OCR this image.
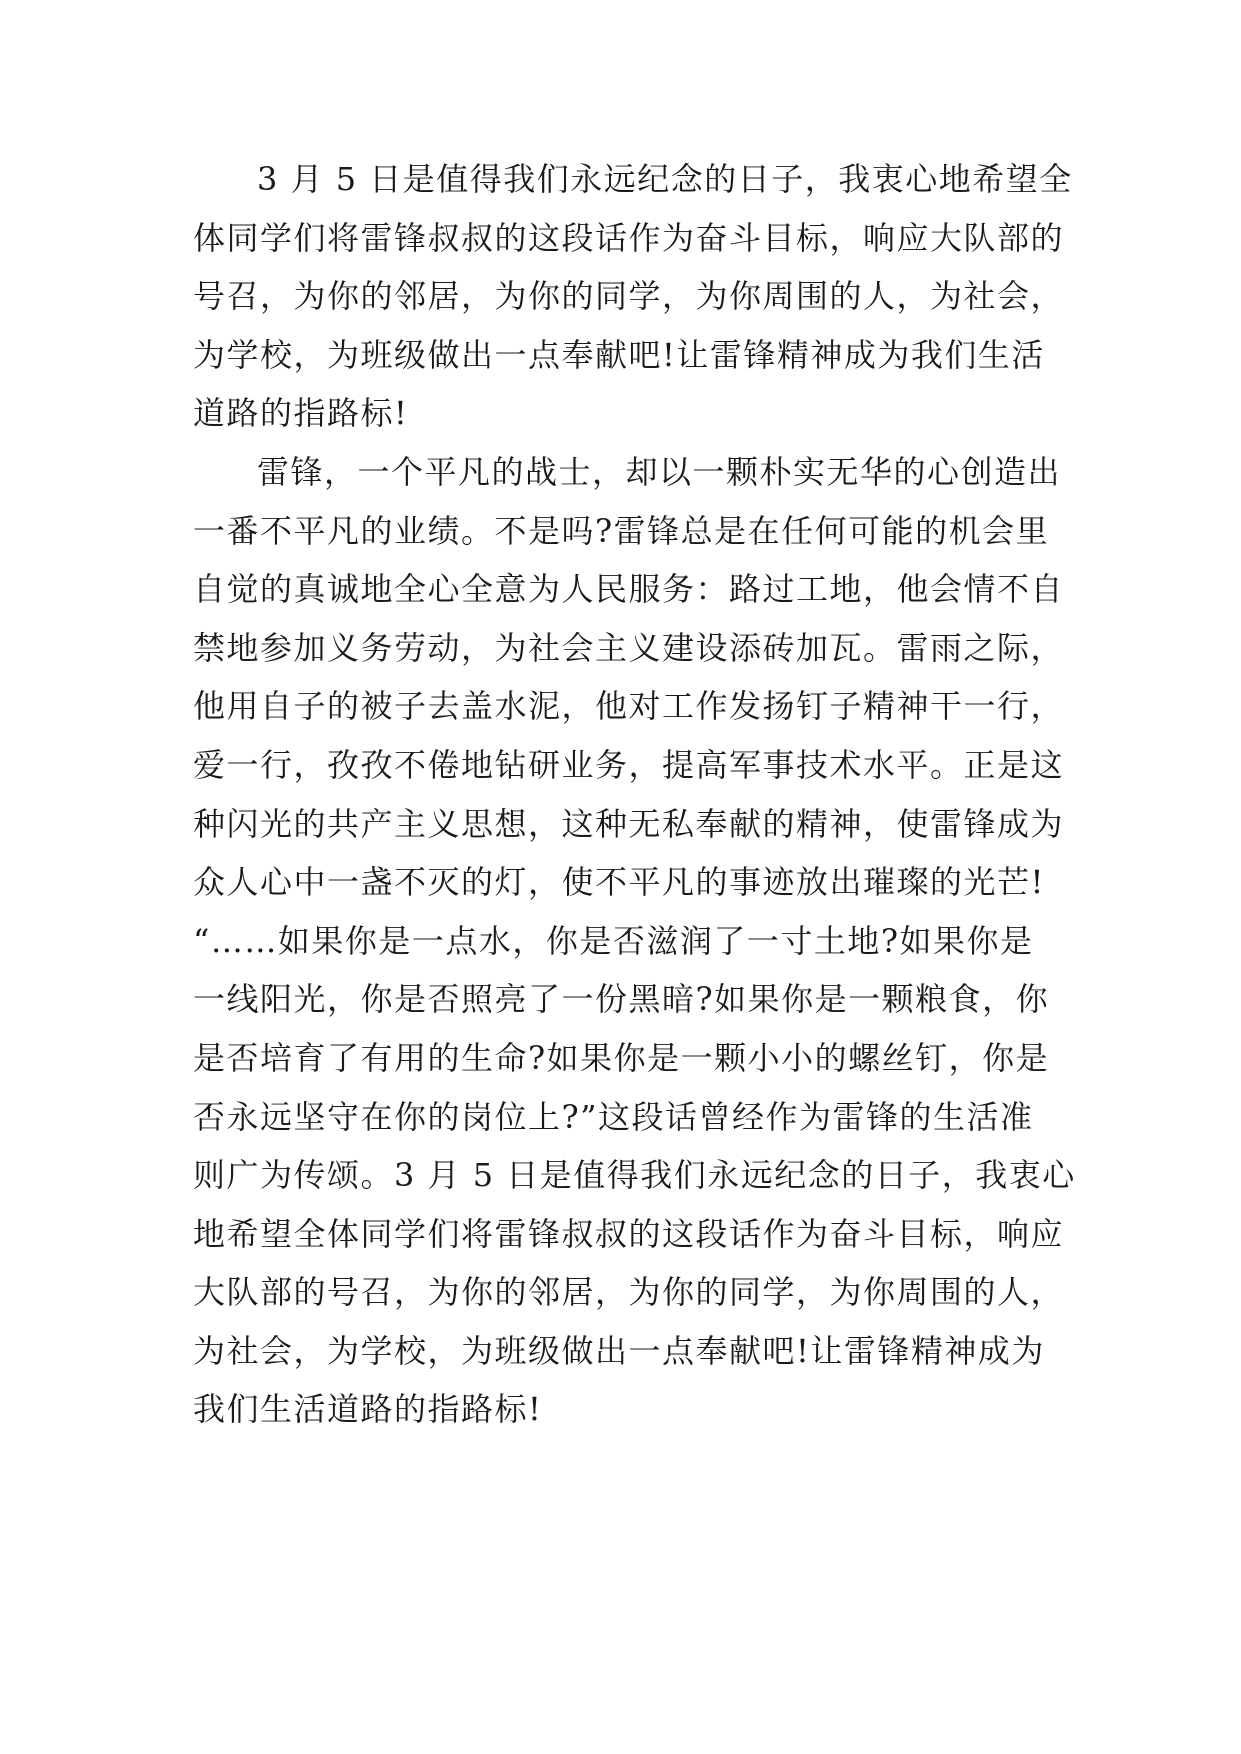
3 月 5 日是值得我们永远纪念的日子，我衷心地希望全
体同学们将雷锋叔叔的这段话作为奋斗目标，响应大队部的
号召，为你的邻居，为你的同学，为你周围的人，为社会，
为学校，为班级做出一点奉献吧!让雷锋精神成为我们生活
道路的指路标!
雷锋，一个平凡的战士，却以一颗朴实无华的心创造出
一番不平凡的业绩。不是吗?雷锋总是在任何可能的机会里
自觉的真诚地全心全意为人民服务：路过工地，他会情不自
禁地参加义务劳动，为社会主义建设添砖加瓦。雷雨之际，
他用自子的被子去盖水泥，他对工作发扬钉子精神干一行，
爱一行，孜孜不倦地钻研业务，提高军事技术水平。正是这
种闪光的共产主义思想，这种无私奉献的精神，使雷锋成为
众人心中一盏不灭的灯，使不平凡的事迹放出璀璨的光芒!
“……如果你是一点水，你是否滋润了一寸土地?如果你是
一线阳光，你是否照亮了一份黑暗?如果你是一颗粮食，你
是否培育了有用的生命?如果你是一颗小小的螺丝钉，你是
否永远坚守在你的岗位上?”这段话曾经作为雷锋的生活准
则广为传颂。3 月 5 日是值得我们永远纪念的日子，我衷心
地希望全体同学们将雷锋叔叔的这段话作为奋斗目标，响应
大队部的号召，为你的邻居，为你的同学，为你周围的人，
为社会，为学校，为班级做出一点奉献吧!让雷锋精神成为
我们生活道路的指路标!
